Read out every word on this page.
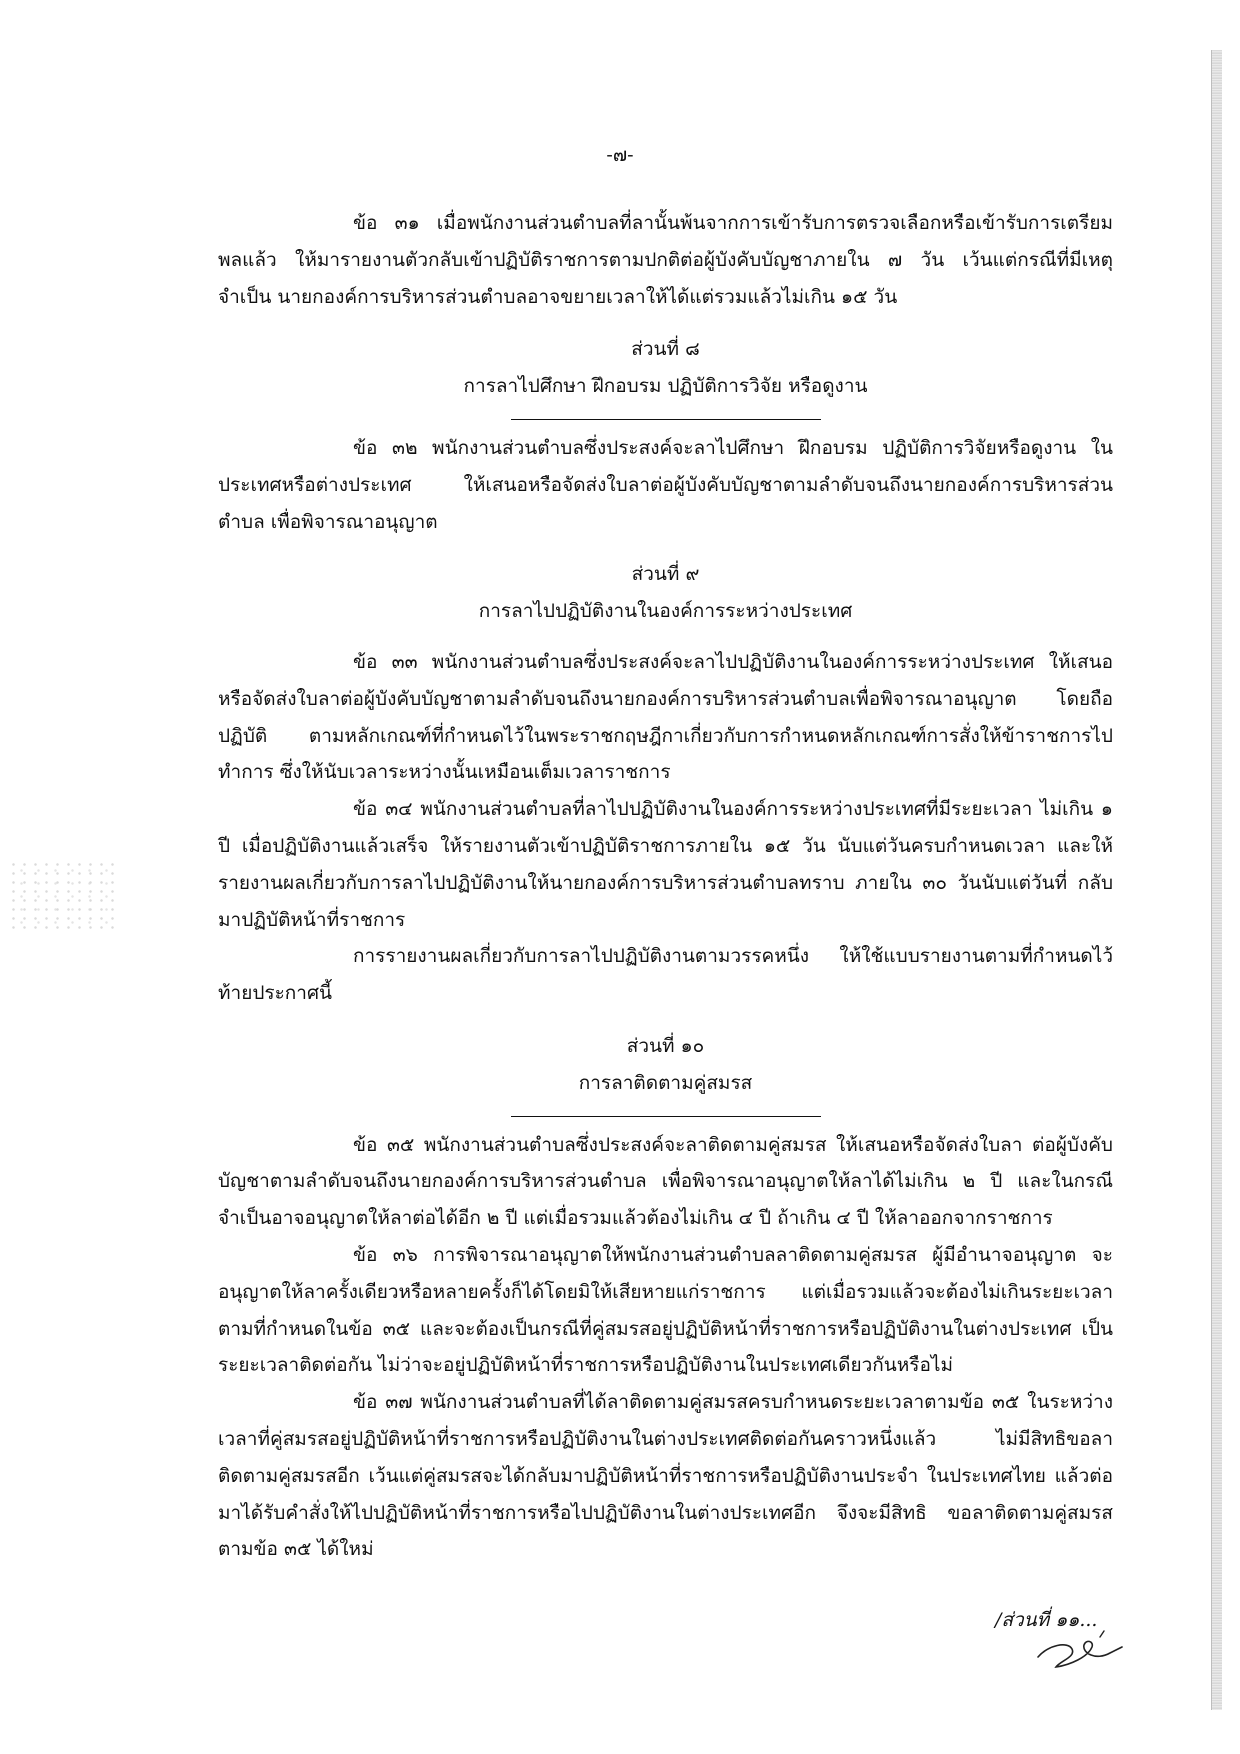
-๗-

ข้อ ๓๑ เมื่อพนักงานส่วนตำบลที่ลานั้นพ้นจากการเข้ารับการตรวจเลือกหรือเข้ารับการเตรียมพลแล้ว ให้มารายงานตัวกลับเข้าปฏิบัติราชการตามปกติต่อผู้บังคับบัญชาภายใน ๗ วัน เว้นแต่กรณีที่มีเหตุจำเป็น นายกองค์การบริหารส่วนตำบลอาจขยายเวลาให้ได้แต่รวมแล้วไม่เกิน ๑๕ วัน

ส่วนที่ ๘
การลาไปศึกษา ฝึกอบรม ปฏิบัติการวิจัย หรือดูงาน

ข้อ ๓๒ พนักงานส่วนตำบลซึ่งประสงค์จะลาไปศึกษา ฝึกอบรม ปฏิบัติการวิจัยหรือดูงาน ในประเทศหรือต่างประเทศ ให้เสนอหรือจัดส่งใบลาต่อผู้บังคับบัญชาตามลำดับจนถึงนายกองค์การบริหารส่วนตำบล เพื่อพิจารณาอนุญาต

ส่วนที่ ๙
การลาไปปฏิบัติงานในองค์การระหว่างประเทศ

ข้อ ๓๓ พนักงานส่วนตำบลซึ่งประสงค์จะลาไปปฏิบัติงานในองค์การระหว่างประเทศ ให้เสนอ หรือจัดส่งใบลาต่อผู้บังคับบัญชาตามลำดับจนถึงนายกองค์การบริหารส่วนตำบลเพื่อพิจารณาอนุญาต โดยถือปฏิบัติ ตามหลักเกณฑ์ที่กำหนดไว้ในพระราชกฤษฎีกาเกี่ยวกับการกำหนดหลักเกณฑ์การสั่งให้ข้าราชการไปทำการ ซึ่งให้นับเวลาระหว่างนั้นเหมือนเต็มเวลาราชการ

ข้อ ๓๔ พนักงานส่วนตำบลที่ลาไปปฏิบัติงานในองค์การระหว่างประเทศที่มีระยะเวลา ไม่เกิน ๑ ปี เมื่อปฏิบัติงานแล้วเสร็จ ให้รายงานตัวเข้าปฏิบัติราชการภายใน ๑๕ วัน นับแต่วันครบกำหนดเวลา และให้รายงานผลเกี่ยวกับการลาไปปฏิบัติงานให้นายกองค์การบริหารส่วนตำบลทราบ ภายใน ๓๐ วันนับแต่วันที่ กลับมาปฏิบัติหน้าที่ราชการ

การรายงานผลเกี่ยวกับการลาไปปฏิบัติงานตามวรรคหนึ่ง ให้ใช้แบบรายงานตามที่กำหนดไว้ ท้ายประกาศนี้

ส่วนที่ ๑๐
การลาติดตามคู่สมรส

ข้อ ๓๕ พนักงานส่วนตำบลซึ่งประสงค์จะลาติดตามคู่สมรส ให้เสนอหรือจัดส่งใบลา ต่อผู้บังคับบัญชาตามลำดับจนถึงนายกองค์การบริหารส่วนตำบล เพื่อพิจารณาอนุญาตให้ลาได้ไม่เกิน ๒ ปี และในกรณีจำเป็นอาจอนุญาตให้ลาต่อได้อีก ๒ ปี แต่เมื่อรวมแล้วต้องไม่เกิน ๔ ปี ถ้าเกิน ๔ ปี ให้ลาออกจากราชการ

ข้อ ๓๖ การพิจารณาอนุญาตให้พนักงานส่วนตำบลลาติดตามคู่สมรส ผู้มีอำนาจอนุญาต จะอนุญาตให้ลาครั้งเดียวหรือหลายครั้งก็ได้โดยมิให้เสียหายแก่ราชการ แต่เมื่อรวมแล้วจะต้องไม่เกินระยะเวลา ตามที่กำหนดในข้อ ๓๕ และจะต้องเป็นกรณีที่คู่สมรสอยู่ปฏิบัติหน้าที่ราชการหรือปฏิบัติงานในต่างประเทศ เป็นระยะเวลาติดต่อกัน ไม่ว่าจะอยู่ปฏิบัติหน้าที่ราชการหรือปฏิบัติงานในประเทศเดียวกันหรือไม่

ข้อ ๓๗ พนักงานส่วนตำบลที่ได้ลาติดตามคู่สมรสครบกำหนดระยะเวลาตามข้อ ๓๕ ในระหว่างเวลาที่คู่สมรสอยู่ปฏิบัติหน้าที่ราชการหรือปฏิบัติงานในต่างประเทศติดต่อกันคราวหนึ่งแล้ว ไม่มีสิทธิขอลาติดตามคู่สมรสอีก เว้นแต่คู่สมรสจะได้กลับมาปฏิบัติหน้าที่ราชการหรือปฏิบัติงานประจำ ในประเทศไทย แล้วต่อมาได้รับคำสั่งให้ไปปฏิบัติหน้าที่ราชการหรือไปปฏิบัติงานในต่างประเทศอีก จึงจะมีสิทธิ ขอลาติดตามคู่สมรสตามข้อ ๓๕ ได้ใหม่

/ส่วนที่ ๑๑...
